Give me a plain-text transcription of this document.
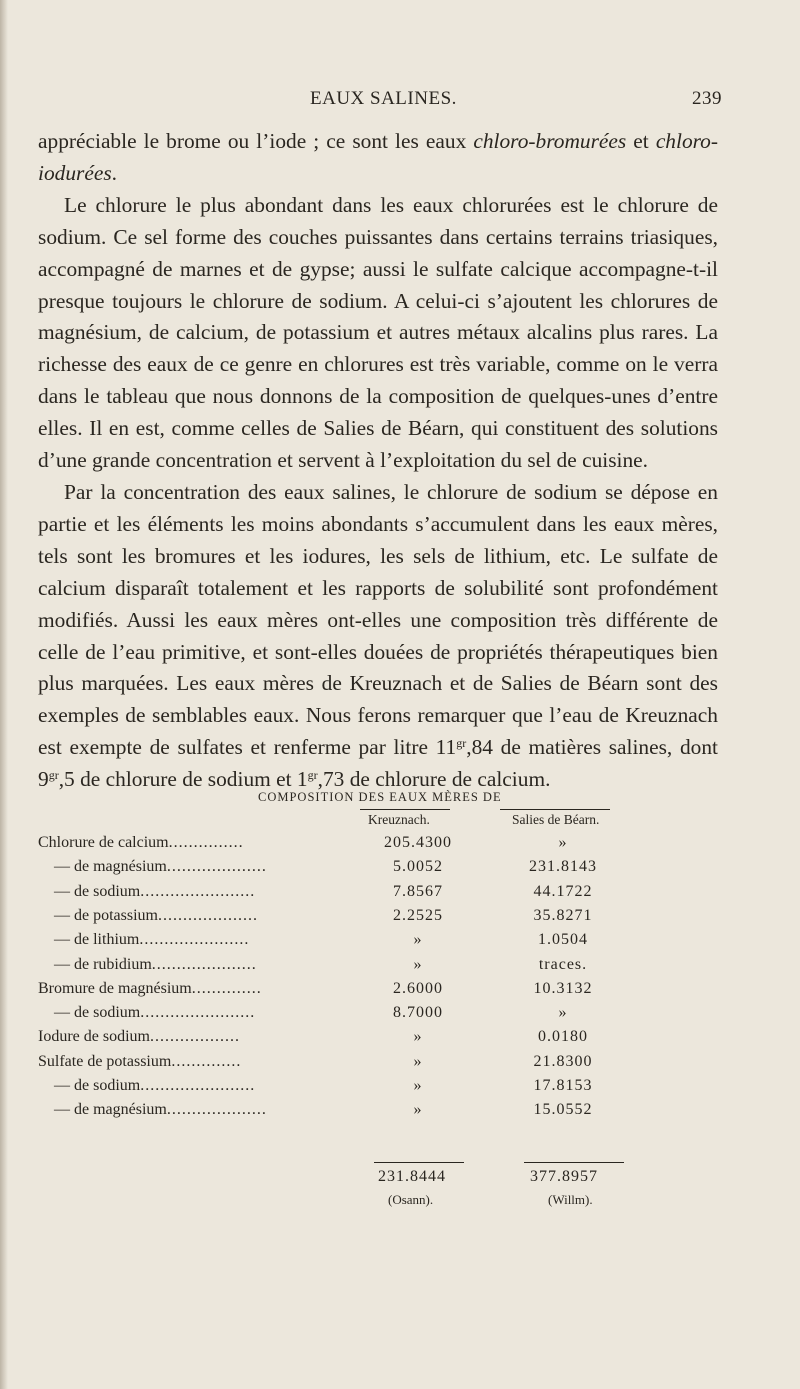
EAUX SALINES.	239

appréciable le brome ou l’iode ; ce sont les eaux chloro-bromurées et chloro-iodurées.

Le chlorure le plus abondant dans les eaux chlorurées est le chlorure de sodium. Ce sel forme des couches puissantes dans certains terrains triasiques, accompagné de marnes et de gypse; aussi le sulfate calcique accompagne-t-il presque toujours le chlorure de sodium. A celui-ci s’ajoutent les chlorures de magnésium, de calcium, de potassium et autres métaux alcalins plus rares. La richesse des eaux de ce genre en chlorures est très variable, comme on le verra dans le tableau que nous donnons de la composition de quelques-unes d’entre elles. Il en est, comme celles de Salies de Béarn, qui constituent des solutions d’une grande concentration et servent à l’exploitation du sel de cuisine.

Par la concentration des eaux salines, le chlorure de sodium se dépose en partie et les éléments les moins abondants s’accumulent dans les eaux mères, tels sont les bromures et les iodures, les sels de lithium, etc. Le sulfate de calcium disparaît totalement et les rapports de solubilité sont profondément modifiés. Aussi les eaux mères ont-elles une composition très différente de celle de l’eau primitive, et sont-elles douées de propriétés thérapeutiques bien plus marquées. Les eaux mères de Kreuznach et de Salies de Béarn sont des exemples de semblables eaux. Nous ferons remarquer que l’eau de Kreuznach est exempte de sulfates et renferme par litre $11^{gr},84$ de matières salines, dont $9^{gr},5$ de chlorure de sodium et $1^{gr},73$ de chlorure de calcium.

COMPOSITION DES EAUX MÈRES DE
Kreuznach.	Salies de Béarn.
Chlorure de calcium...............	205.4300	»
— de magnésium....................	5.0052	231.8143
— de sodium.......................	7.8567	44.1722
— de potassium....................	2.2525	35.8271
— de lithium......................	»	1.0504
— de rubidium.....................	»	traces.
Bromure de magnésium..............	2.6000	10.3132
— de sodium.......................	8.7000	»
Iodure de sodium..................	»	0.0180
Sulfate de potassium..............	»	21.8300
— de sodium.......................	»	17.8153
— de magnésium....................	»	15.0552
231.8444	377.8957
(Osann).	(Willm).
